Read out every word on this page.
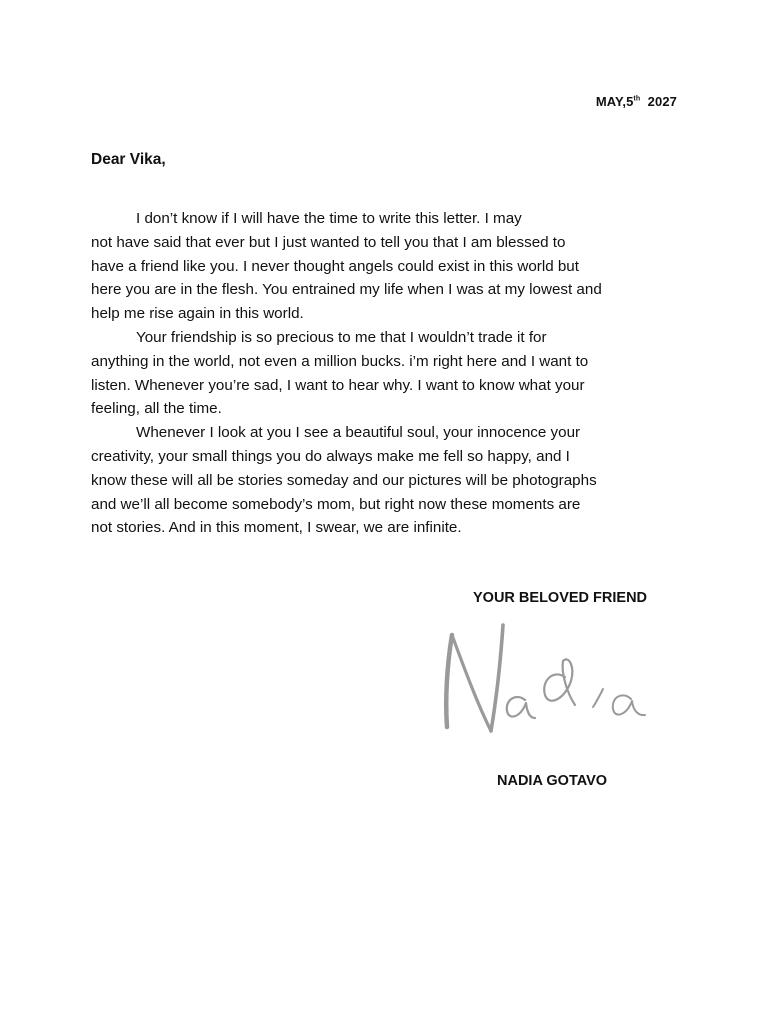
MAY,5th 2027
Dear Vika,
I don’t know if I will have the time to write this letter. I may
not have said that ever but I just wanted to tell you that I am blessed to
have a friend like you. I never thought angels could exist in this world but
here you are in the flesh. You entrained my life when I was at my lowest and
help me rise again in this world.
Your friendship is so precious to me that I wouldn’t trade it for
anything in the world, not even a million bucks. i’m right here and I want to
listen. Whenever you’re sad, I want to hear why. I want to know what your
feeling, all the time.
Whenever I look at you I see a beautiful soul, your innocence your
creativity, your small things you do always make me fell so happy, and I
know these will all be stories someday and our pictures will be photographs
and we’ll all become somebody’s mom, but right now these moments are
not stories. And in this moment, I swear, we are infinite.
YOUR BELOVED FRIEND
NADIA GOTAVO
